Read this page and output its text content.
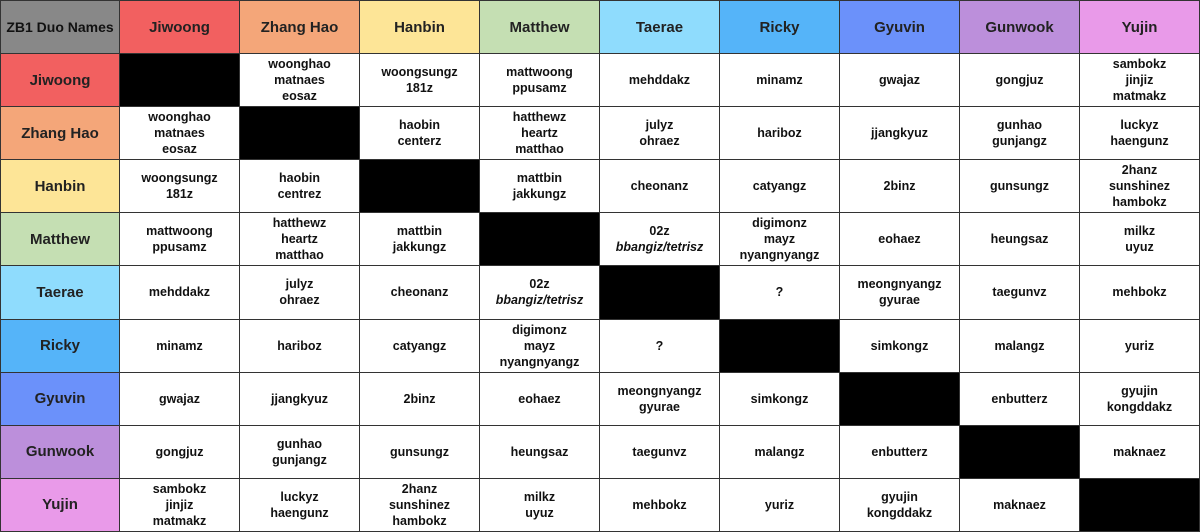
ZB1 Duo Names	Jiwoong	Zhang Hao	Hanbin	Matthew	Taerae	Ricky	Gyuvin	Gunwook	Yujin
Jiwoong		woonghao
matnaes
eosaz	woongsungz
181z	mattwoong
ppusamz	mehddakz	minamz	gwajaz	gongjuz	sambokz
jinjiz
matmakz

Zhang Hao	woonghao
matnaes
eosaz		haobin
centerz	hatthewz
heartz
matthao	julyz
ohraez	hariboz	jjangkyuz	gunhao
gunjangz	luckyz
haengunz

Hanbin	woongsungz
181z	haobin
centrez		mattbin
jakkungz	cheonanz	catyangz	2binz	gunsungz	2hanz
sunshinez
hambokz

Matthew	mattwoong
ppusamz	hatthewz
heartz
matthao	mattbin
jakkungz		02z
bbangiz/tetrisz	digimonz
mayz
nyangnyangz	eohaez	heungsaz	milkz
uyuz

Taerae	mehddakz	julyz
ohraez	cheonanz	02z
bbangiz/tetrisz		?	meongnyangz
gyurae	taegunvz	mehbokz

Ricky	minamz	hariboz	catyangz	digimonz
mayz
nyangnyangz	?		simkongz	malangz	yuriz

Gyuvin	gwajaz	jjangkyuz	2binz	eohaez	meongnyangz
gyurae	simkongz		enbutterz	gyujin
kongddakz

Gunwook	gongjuz	gunhao
gunjangz	gunsungz	heungsaz	taegunvz	malangz	enbutterz		maknaez

Yujin	sambokz
jinjiz
matmakz	luckyz
haengunz	2hanz
sunshinez
hambokz	milkz
uyuz	mehbokz	yuriz	gyujin
kongddakz	maknaez	
